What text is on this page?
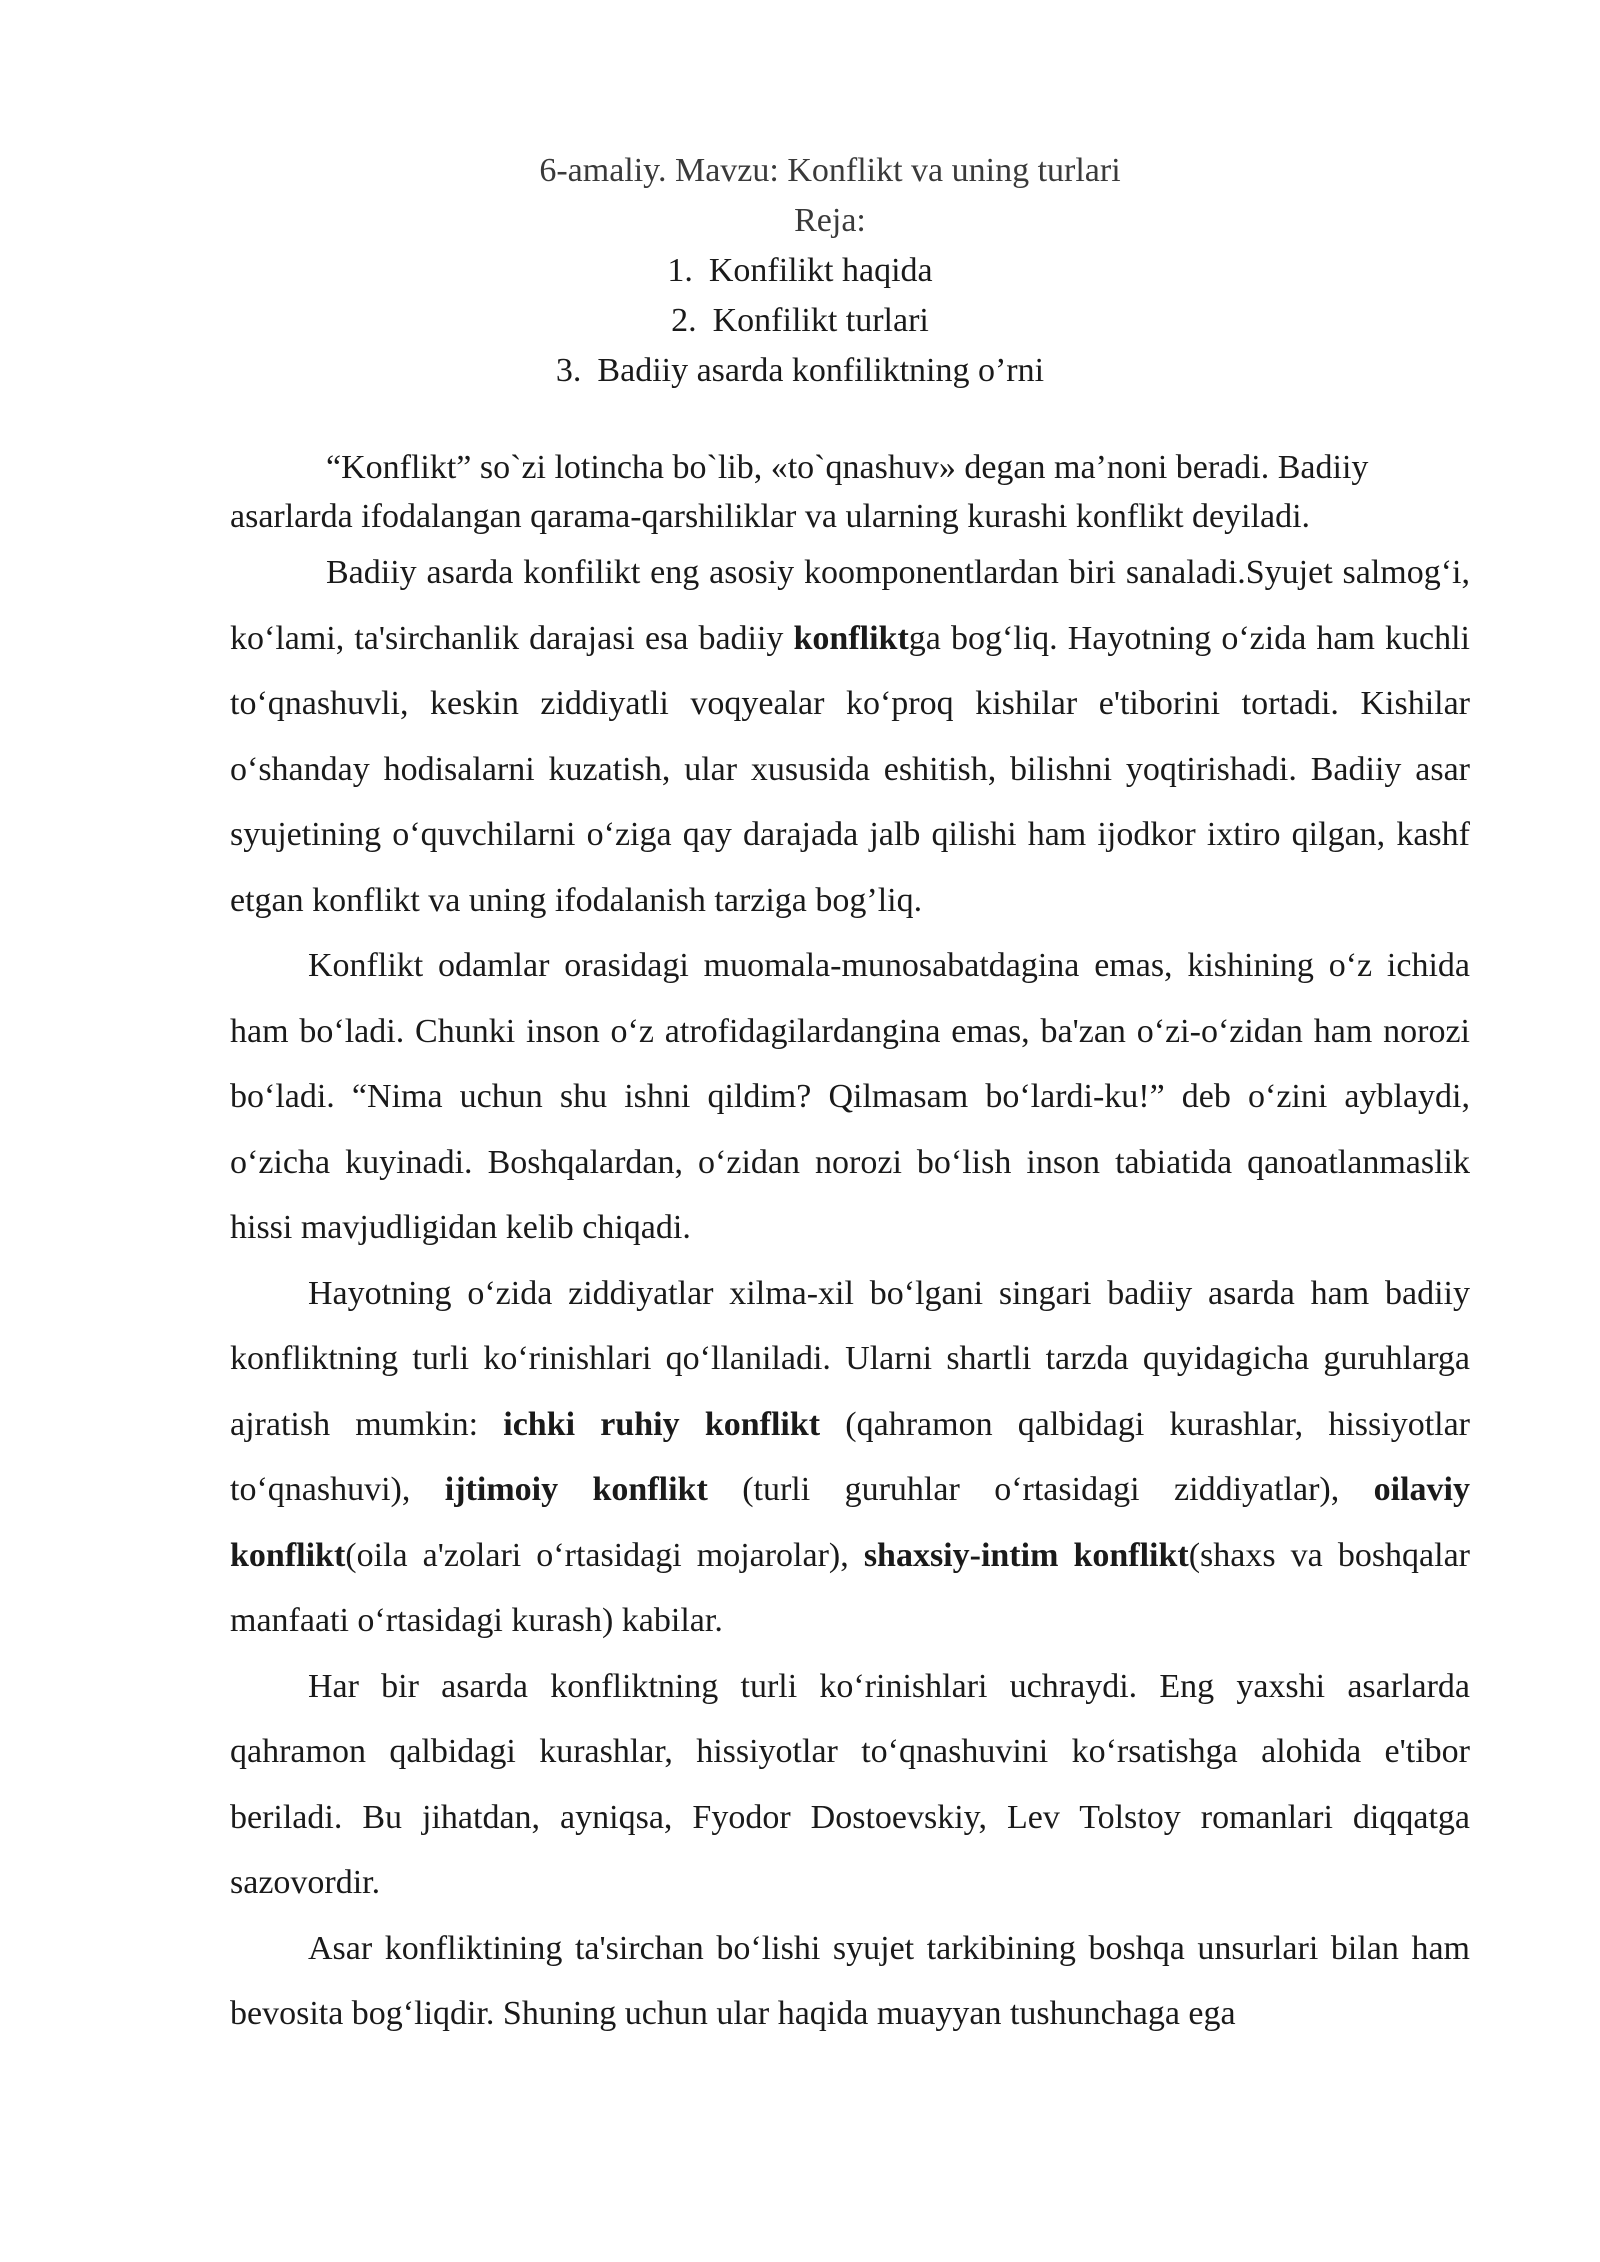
6-amaliy. Mavzu: Konflikt va uning turlari
Reja:
1. Konfilikt haqida
2. Konfilikt turlari
3. Badiiy asarda konfiliktning o’rni

“Konflikt” so`zi lotincha bo`lib, «to`qnashuv» degan ma’noni beradi. Badiiy asarlarda ifodalangan qarama-qarshiliklar va ularning kurashi konflikt deyiladi.

Badiiy asarda konfilikt eng asosiy koomponentlardan biri sanaladi.Syujet salmog‘i, ko‘lami, ta'sirchanlik darajasi esa badiiy konfliktga bog‘liq. Hayotning o‘zida ham kuchli to‘qnashuvli, keskin ziddiyatli voqyealar ko‘proq kishilar e'tiborini tortadi. Kishilar o‘shanday hodisalarni kuzatish, ular xususida eshitish, bilishni yoqtirishadi. Badiiy asar syujetining o‘quvchilarni o‘ziga qay darajada jalb qilishi ham ijodkor ixtiro qilgan, kashf etgan konflikt va uning ifodalanish tarziga bog’liq.

Konflikt odamlar orasidagi muomala-munosabatdagina emas, kishining o‘z ichida ham bo‘ladi. Chunki inson o‘z atrofidagilardangina emas, ba'zan o‘zi-o‘zidan ham norozi bo‘ladi. “Nima uchun shu ishni qildim? Qilmasam bo‘lardi-ku!” deb o‘zini ayblaydi, o‘zicha kuyinadi. Boshqalardan, o‘zidan norozi bo‘lish inson tabiatida qanoatlanmaslik hissi mavjudligidan kelib chiqadi.

Hayotning o‘zida ziddiyatlar xilma-xil bo‘lgani singari badiiy asarda ham badiiy konfliktning turli ko‘rinishlari qo‘llaniladi. Ularni shartli tarzda quyidagicha guruhlarga ajratish mumkin: ichki ruhiy konflikt (qahramon qalbidagi kurashlar, hissiyotlar to‘qnashuvi), ijtimoiy konflikt (turli guruhlar o‘rtasidagi ziddiyatlar), oilaviy konflikt(oila a'zolari o‘rtasidagi mojarolar), shaxsiy-intim konflikt(shaxs va boshqalar manfaati o‘rtasidagi kurash) kabilar.

Har bir asarda konfliktning turli ko‘rinishlari uchraydi. Eng yaxshi asarlarda qahramon qalbidagi kurashlar, hissiyotlar to‘qnashuvini ko‘rsatishga alohida e'tibor beriladi. Bu jihatdan, ayniqsa, Fyodor Dostoevskiy, Lev Tolstoy romanlari diqqatga sazovordir.

Asar konfliktining ta'sirchan bo‘lishi syujet tarkibining boshqa unsurlari bilan ham bevosita bog‘liqdir. Shuning uchun ular haqida muayyan tushunchaga ega
